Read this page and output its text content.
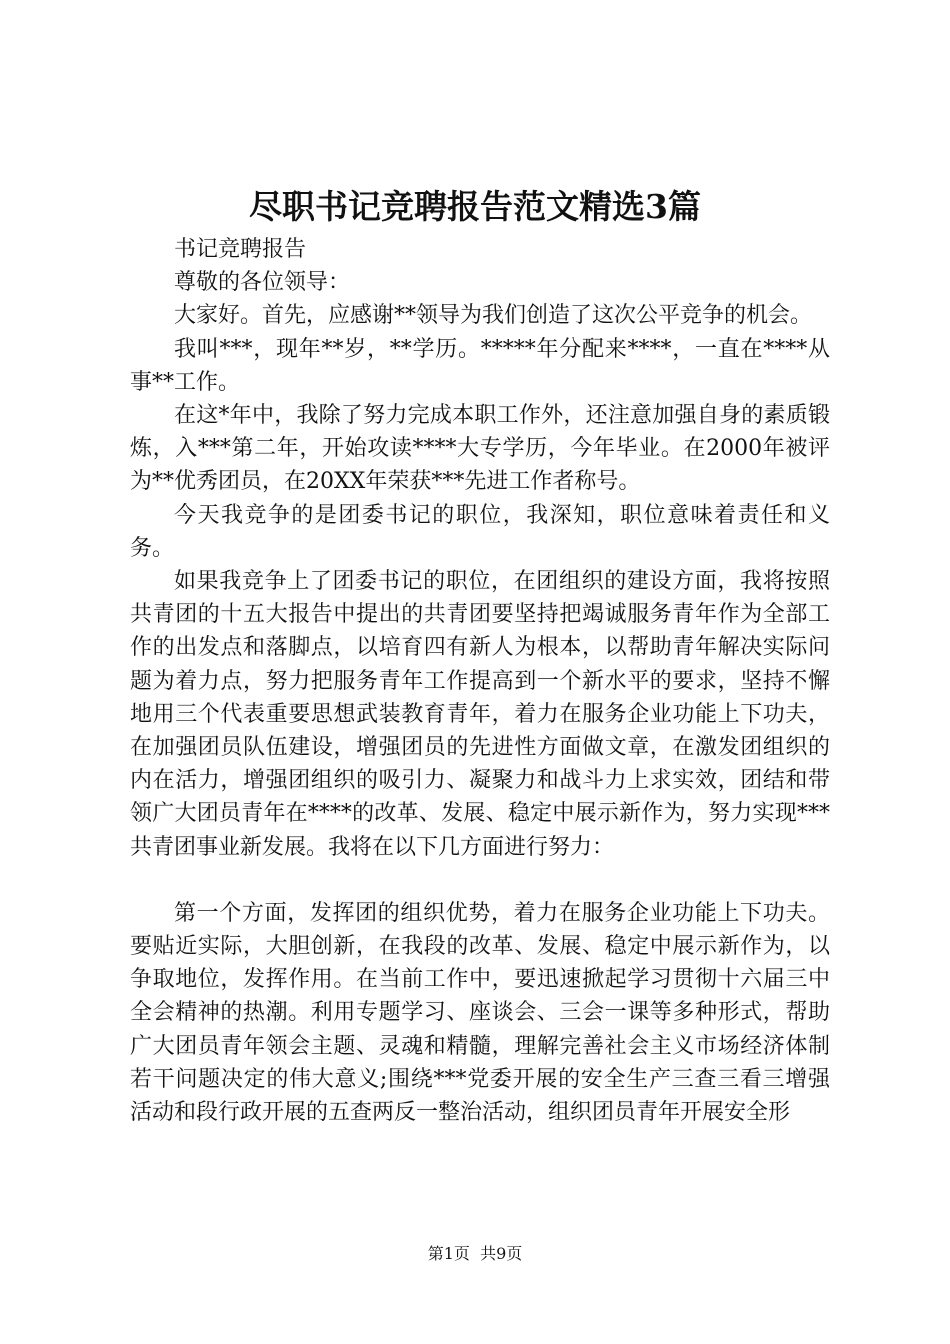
尽职书记竞聘报告范文精选3篇

书记竞聘报告

尊敬的各位领导：

大家好。首先，应感谢**领导为我们创造了这次公平竞争的机会。

我叫***，现年**岁，**学历。*****年分配来****，一直在****从事**工作。

在这*年中，我除了努力完成本职工作外，还注意加强自身的素质锻炼，入***第二年，开始攻读****大专学历，今年毕业。在2000年被评为**优秀团员，在20XX年荣获***先进工作者称号。

今天我竞争的是团委书记的职位，我深知，职位意味着责任和义务。

如果我竞争上了团委书记的职位，在团组织的建设方面，我将按照共青团的十五大报告中提出的共青团要坚持把竭诚服务青年作为全部工作的出发点和落脚点，以培育四有新人为根本，以帮助青年解决实际问题为着力点，努力把服务青年工作提高到一个新水平的要求，坚持不懈地用三个代表重要思想武装教育青年，着力在服务企业功能上下功夫，在加强团员队伍建设，增强团员的先进性方面做文章，在激发团组织的内在活力，增强团组织的吸引力、凝聚力和战斗力上求实效，团结和带领广大团员青年在****的改革、发展、稳定中展示新作为，努力实现***共青团事业新发展。我将在以下几方面进行努力：

第一个方面，发挥团的组织优势，着力在服务企业功能上下功夫。要贴近实际，大胆创新，在我段的改革、发展、稳定中展示新作为，以争取地位，发挥作用。在当前工作中，要迅速掀起学习贯彻十六届三中全会精神的热潮。利用专题学习、座谈会、三会一课等多种形式，帮助广大团员青年领会主题、灵魂和精髓，理解完善社会主义市场经济体制若干问题决定的伟大意义;围绕***党委开展的安全生产三查三看三增强活动和段行政开展的五查两反一整治活动，组织团员青年开展安全形

第1页  共9页
